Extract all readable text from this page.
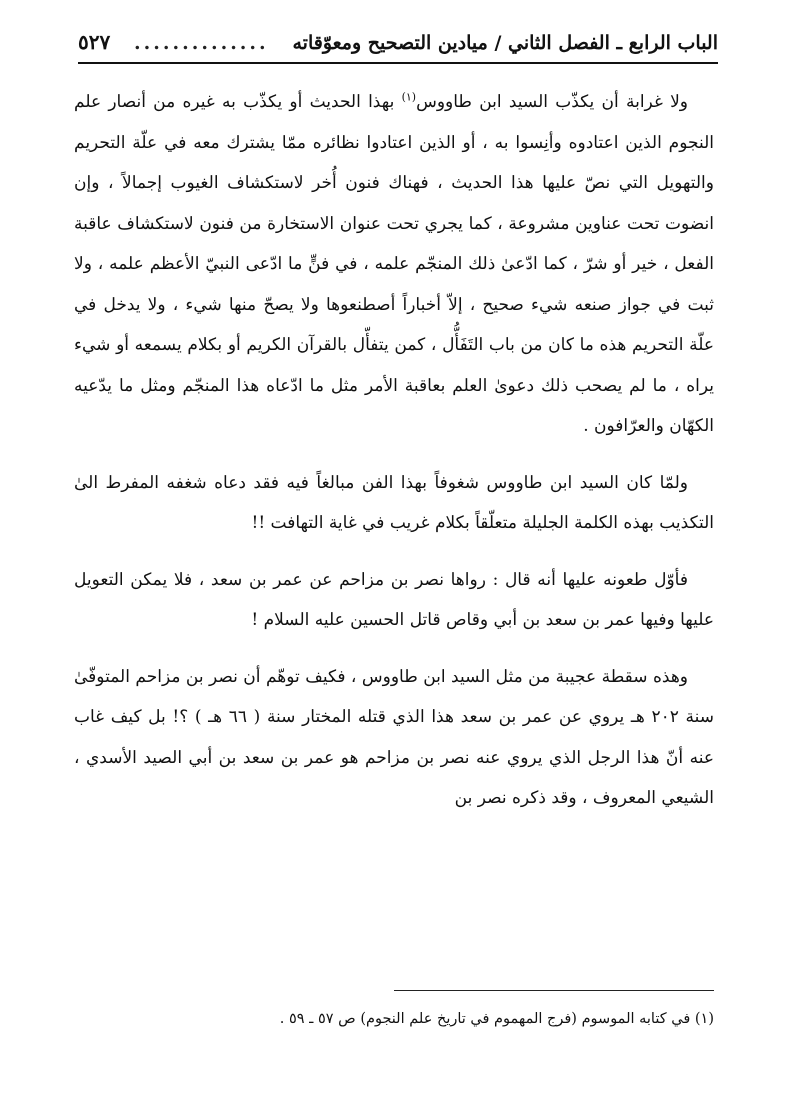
الباب الرابع ـ الفصل الثاني / ميادين التصحيح ومعوّقاته
..............
٥٢٧

ولا غرابة أن يكذّب السيد ابن طاووس$^{(١)}$ بهذا الحديث أو يكذّب به غيره من أنصار علم النجوم الذين اعتادوه وأنِسوا به ، أو الذين اعتادوا نظائره ممّا يشترك معه في علّة التحريم والتهويل التي نصّ عليها هذا الحديث ، فهناك فنون أُخر لاستكشاف الغيوب إجمالاً ، وإن انضوت تحت عناوين مشروعة ، كما يجري تحت عنوان الاستخارة من فنون لاستكشاف عاقبة الفعل ، خير أو شرّ ، كما ادّعىٰ ذلك المنجّم علمه ، في فنٍّ ما ادّعى النبيّ الأعظم علمه ، ولا ثبت في جواز صنعه شيء صحيح ، إلاّ أخباراً أصطنعوها ولا يصحّ منها شيء ، ولا يدخل في علّة التحريم هذه ما كان من باب التَفَأُّل ، كمن يتفأّل بالقرآن الكريم أو بكلام يسمعه أو شيء يراه ، ما لم يصحب ذلك دعوىٰ العلم بعاقبة الأمر مثل ما ادّعاه هذا المنجّم ومثل ما يدّعيه الكهّان والعرّافون .

ولمّا كان السيد ابن طاووس شغوفاً بهذا الفن مبالغاً فيه فقد دعاه شغفه المفرط الىٰ التكذيب بهذه الكلمة الجليلة متعلّقاً بكلام غريب في غاية التهافت !!

فأوّل طعونه عليها أنه قال : رواها نصر بن مزاحم عن عمر بن سعد ، فلا يمكن التعويل عليها وفيها عمر بن سعد بن أبي وقاص قاتل الحسين عليه السلام !

وهذه سقطة عجيبة من مثل السيد ابن طاووس ، فكيف توهّم أن نصر بن مزاحم المتوفّىٰ سنة ٢٠٢ هـ يروي عن عمر بن سعد هذا الذي قتله المختار سنة ( ٦٦ هـ ) ؟! بل كيف غاب عنه أنّ هذا الرجل الذي يروي عنه نصر بن مزاحم هو عمر بن سعد بن أبي الصيد الأسدي ، الشيعي المعروف ، وقد ذكره نصر بن

(١) في كتابه الموسوم (فرج المهموم في تاريخ علم النجوم) ص ٥٧ ـ ٥٩ .
